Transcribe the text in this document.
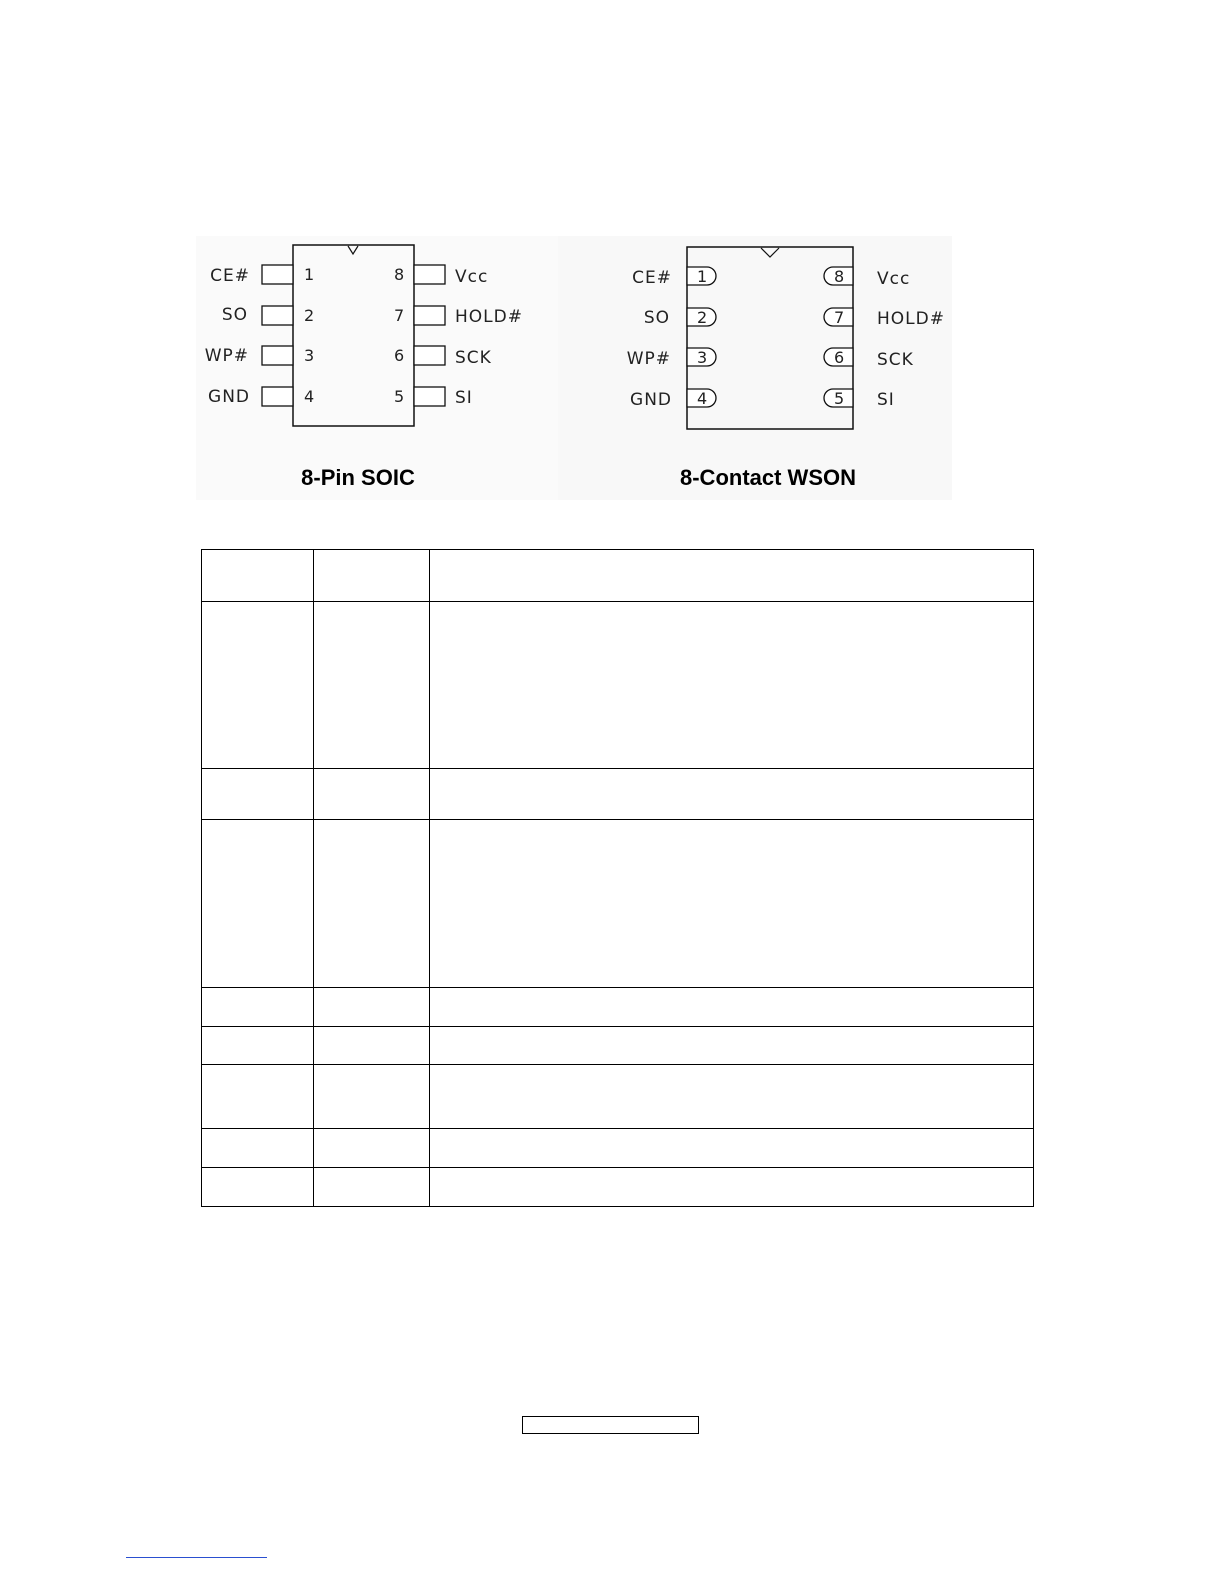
CE#
SO
WP#
GND
1
2
3
4
Vcc
HOLD#
SCK
SI
8
7
6
5
8-Pin SOIC
CE#
SO
WP#
GND
1
2
3
4
Vcc
HOLD#
SCK
SI
8
7
6
5
8-Contact WSON
